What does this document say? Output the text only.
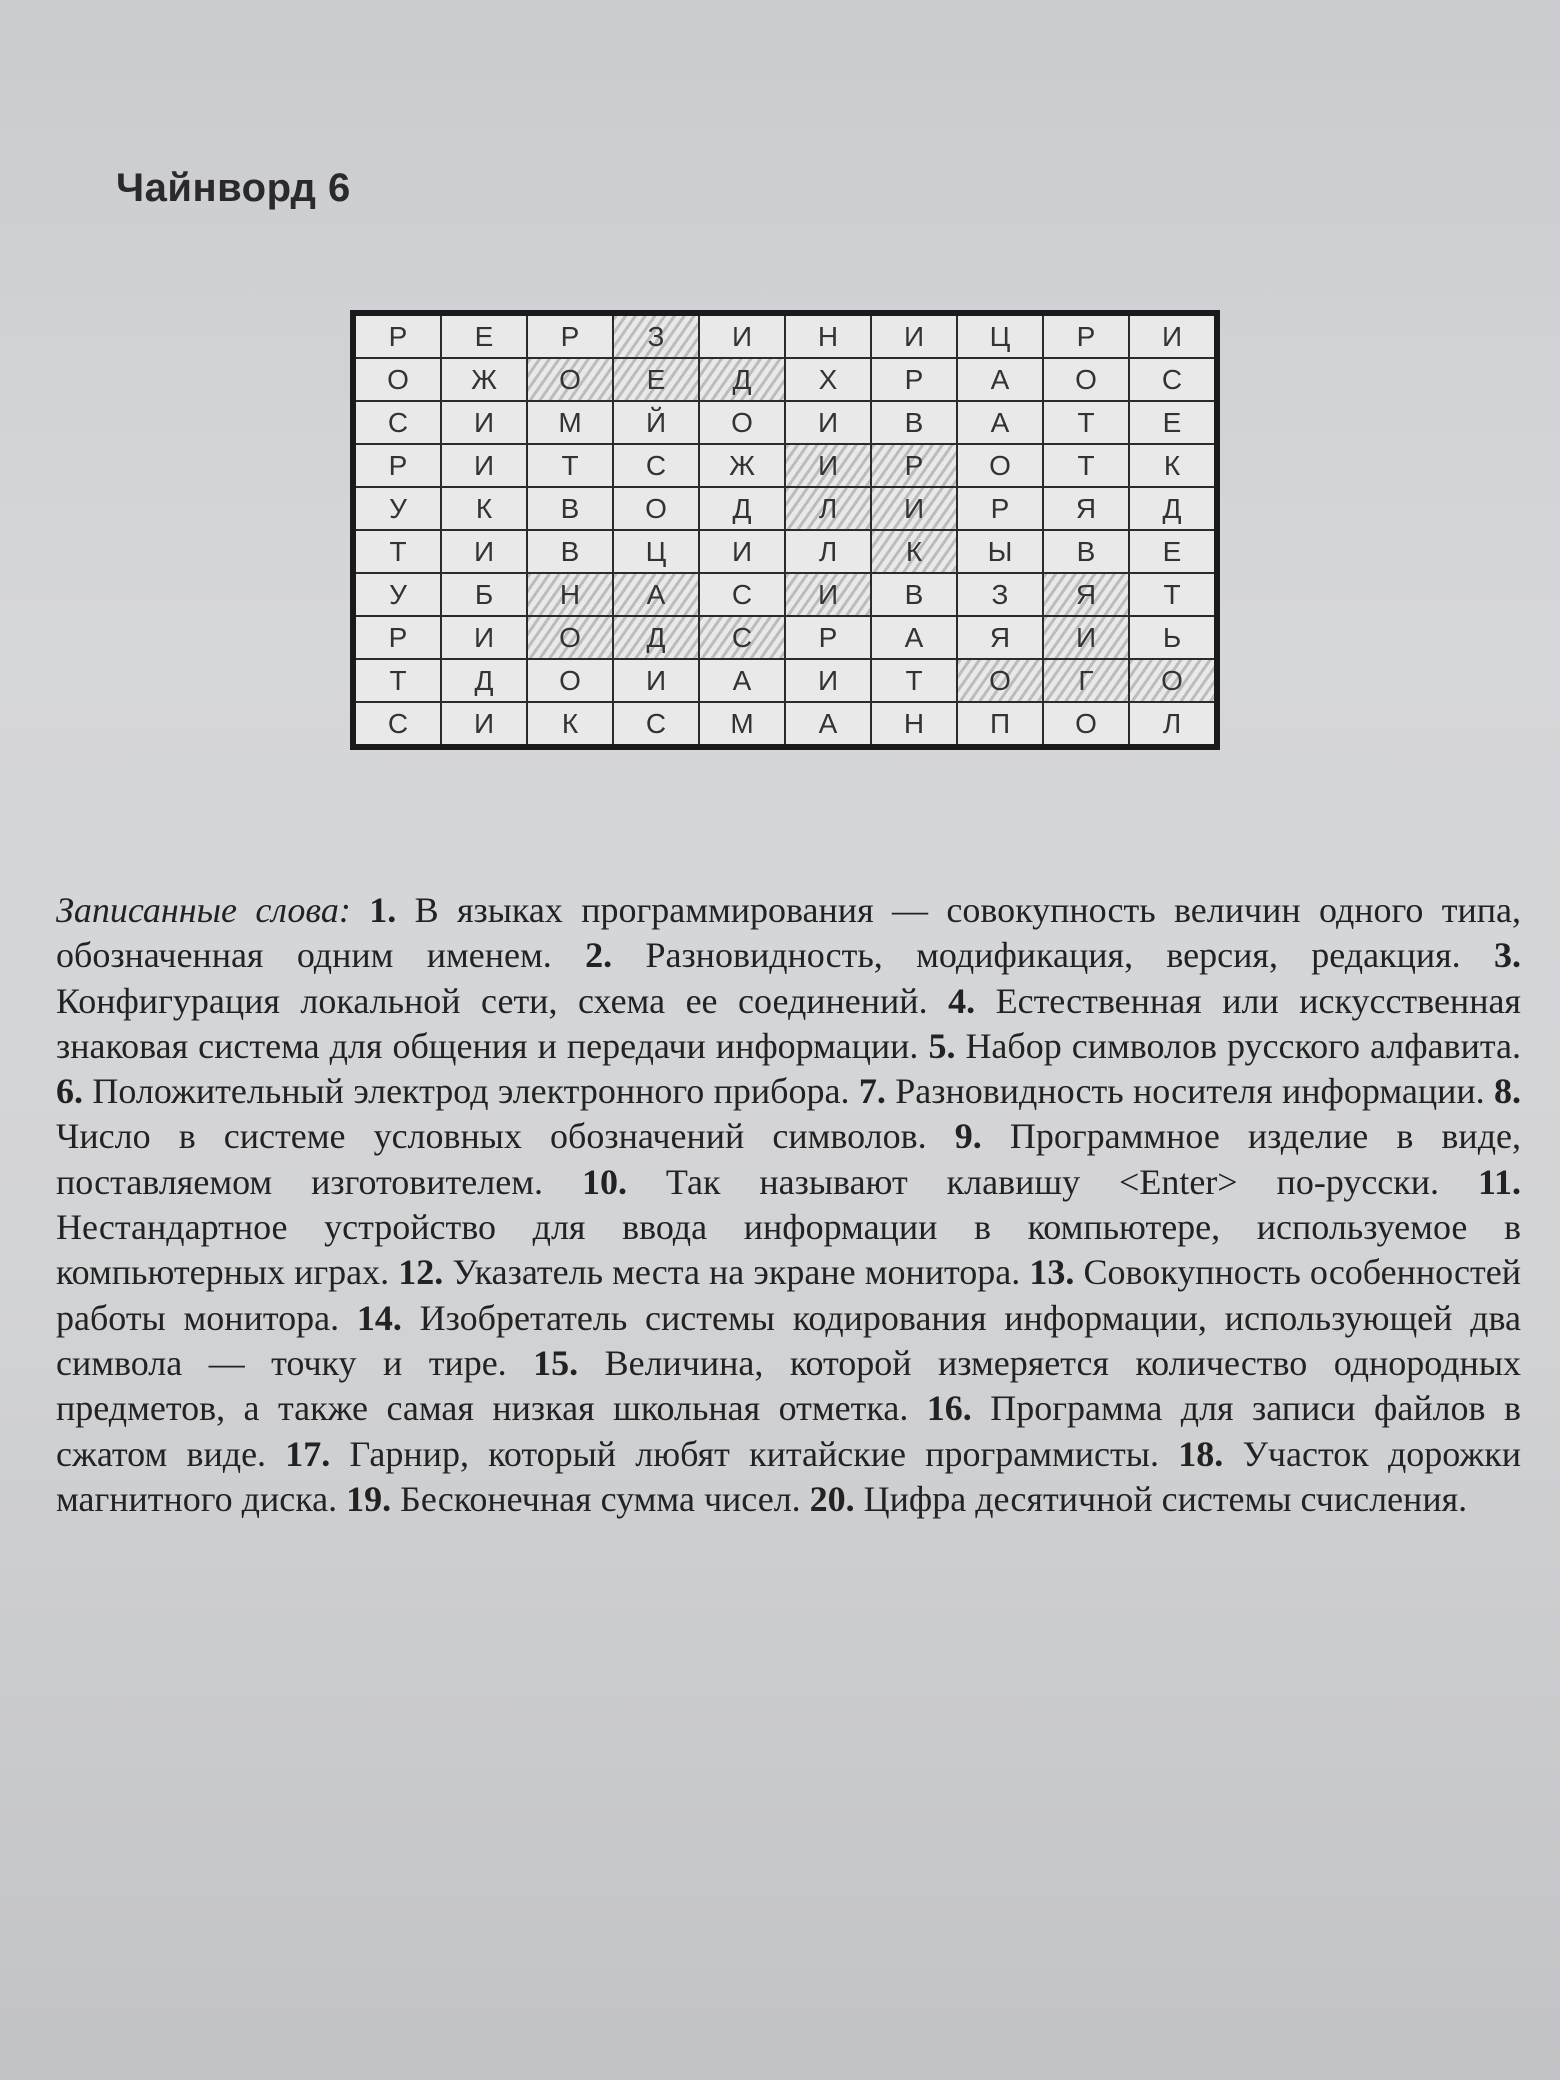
Чайнворд 6
Р	Е	Р	З	И	Н	И	Ц	Р	И
О	Ж	О	Е	Д	Х	Р	А	О	С
С	И	М	Й	О	И	В	А	Т	Е
Р	И	Т	С	Ж	И	Р	О	Т	К
У	К	В	О	Д	Л	И	Р	Я	Д
Т	И	В	Ц	И	Л	К	Ы	В	Е
У	Б	Н	А	С	И	В	З	Я	Т
Р	И	О	Д	С	Р	А	Я	И	Ь
Т	Д	О	И	А	И	Т	О	Г	О
С	И	К	С	М	А	Н	П	О	Л
Записанные слова: 1. В языках программирования — совокупность величин одного типа, обозначенная одним именем. 2. Разновидность, модификация, версия, редакция. 3. Конфигурация локальной сети, схема ее соединений. 4. Естественная или искусственная знаковая система для общения и передачи информации. 5. Набор символов русского алфавита. 6. Положительный электрод электронного прибора. 7. Разновидность носителя информации. 8. Число в системе условных обозначений символов. 9. Программное изделие в виде, поставляемом изготовителем. 10. Так называют клавишу <Enter> по-русски. 11. Нестандартное устройство для ввода информации в компьютере, используемое в компьютерных играх. 12. Указатель места на экране монитора. 13. Совокупность особенностей работы монитора. 14. Изобретатель системы кодирования информации, использующей два символа — точку и тире. 15. Величина, которой измеряется количество однородных предметов, а также самая низкая школьная отметка. 16. Программа для записи файлов в сжатом виде. 17. Гарнир, который любят китайские программисты. 18. Участок дорожки магнитного диска. 19. Бесконечная сумма чисел. 20. Цифра десятичной системы счисления.
